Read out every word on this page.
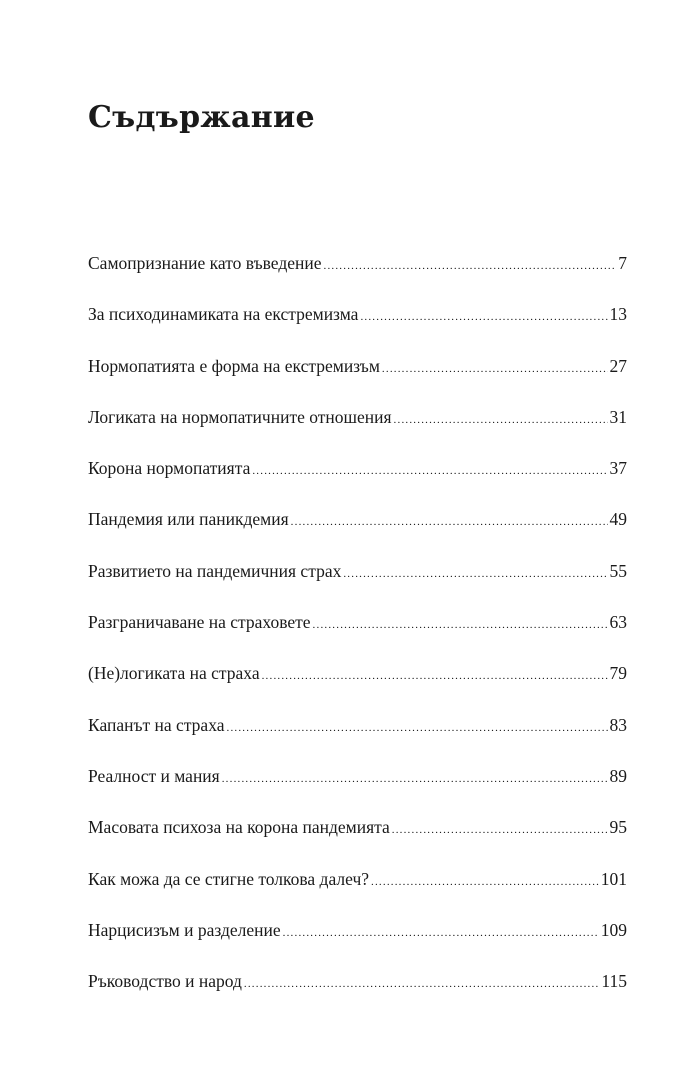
Съдържание
Самопризнание като въведение .....	7
За психодинамиката на екстремизма .....	13
Нормопатията е форма на екстремизъм .....	27
Логиката на нормопатичните отношения .....	31
Корона нормопатията .....	37
Пандемия или паникдемия .....	49
Развитието на пандемичния страх .....	55
Разграничаване на страховете .....	63
(Не)логиката на страха .....	79
Капанът на страха .....	83
Реалност и мания .....	89
Масовата психоза на корона пандемията .....	95
Как можа да се стигне толкова далеч? .....	101
Нарцисизъм и разделение .....	109
Ръководство и народ .....	115
